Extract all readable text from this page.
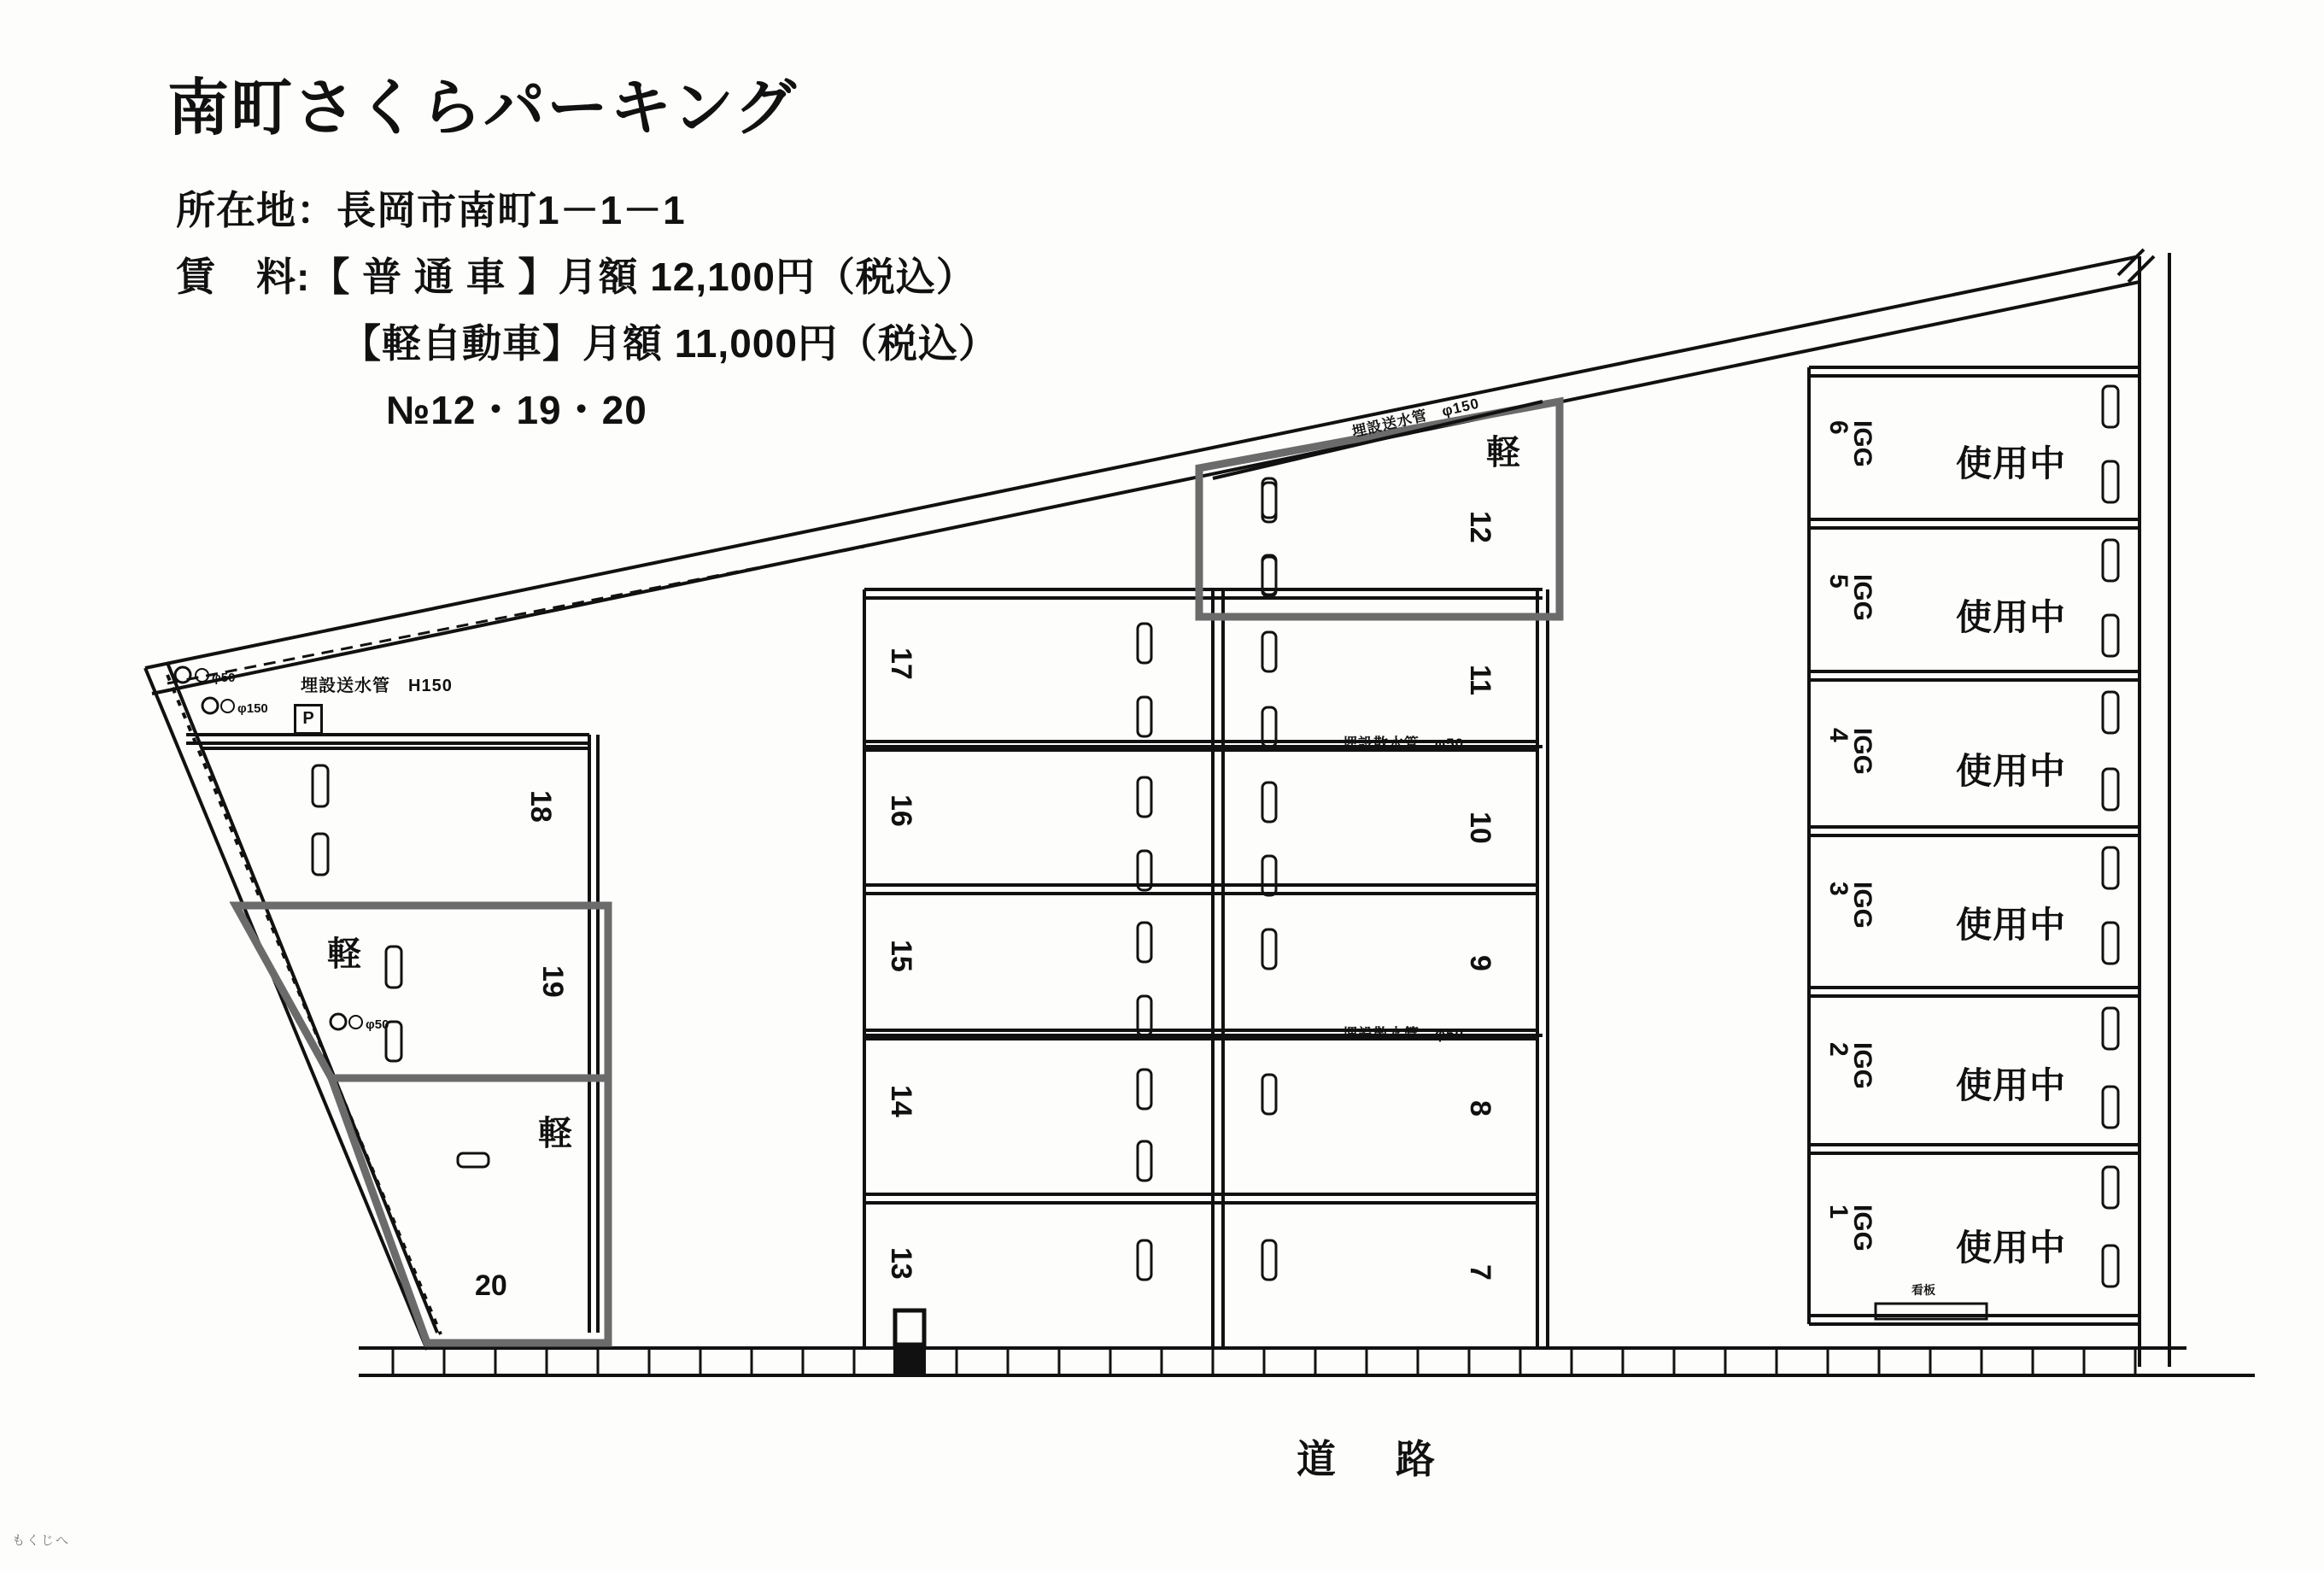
南町さくらパーキング
所在地：長岡市南町1－1－1
賃　料:【 普 通 車 】月額 12,100円（税込）
【軽自動車】月額 11,000円（税込）
№12・19・20
道　路
もくじへ
軽
軽
軽
12
11
10
9
8
7
17
16
15
14
13
18
19
20
IGG
6
使用中
IGG
5
使用中
IGG
4
使用中
IGG
3
使用中
IGG
2
使用中
IGG
1
使用中
看板
埋設送水管　H150
埋設散水管　φ50
埋設散水管　φ50
埋設送水管　φ150
φ50
φ150
φ50
P
